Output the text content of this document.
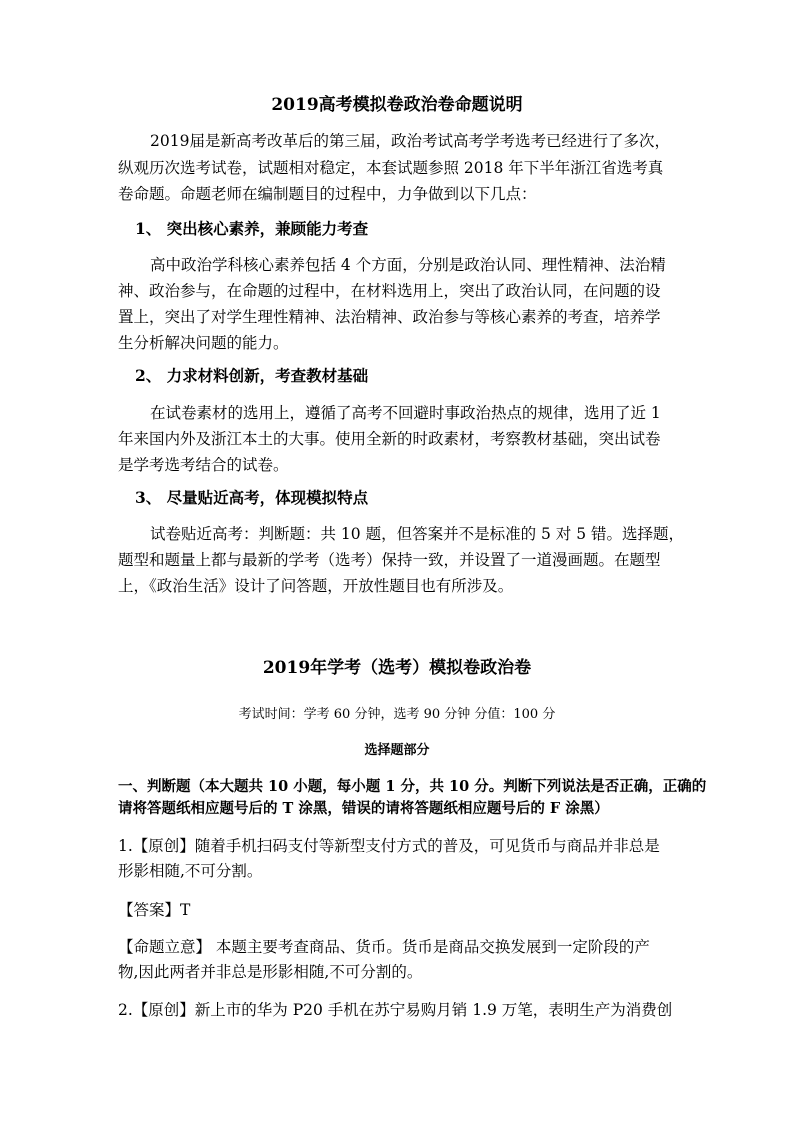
2019高考模拟卷政治卷命题说明
2019届是新高考改革后的第三届，政治考试高考学考选考已经进行了多次，
纵观历次选考试卷，试题相对稳定，本套试题参照 2018 年下半年浙江省选考真
卷命题。命题老师在编制题目的过程中，力争做到以下几点：
1、 突出核心素养，兼顾能力考查
高中政治学科核心素养包括 4 个方面，分别是政治认同、理性精神、法治精
神、政治参与，在命题的过程中，在材料选用上，突出了政治认同，在问题的设
置上，突出了对学生理性精神、法治精神、政治参与等核心素养的考查，培养学
生分析解决问题的能力。
2、 力求材料创新，考查教材基础
在试卷素材的选用上，遵循了高考不回避时事政治热点的规律，选用了近 1
年来国内外及浙江本土的大事。使用全新的时政素材，考察教材基础，突出试卷
是学考选考结合的试卷。
3、 尽量贴近高考，体现模拟特点
试卷贴近高考：判断题：共 10 题，但答案并不是标准的 5 对 5 错。选择题，
题型和题量上都与最新的学考（选考）保持一致，并设置了一道漫画题。在题型
上，《政治生活》设计了问答题，开放性题目也有所涉及。
2019年学考（选考）模拟卷政治卷
考试时间：学考 60 分钟，选考 90 分钟 分值：100 分
选择题部分
一、判断题（本大题共 10 小题，每小题 1 分，共 10 分。判断下列说法是否正确，正确的
请将答题纸相应题号后的 T 涂黑，错误的请将答题纸相应题号后的 F 涂黑）
1.【原创】随着手机扫码支付等新型支付方式的普及，可见货币与商品并非总是
形影相随,不可分割。
【答案】T
【命题立意】 本题主要考查商品、货币。货币是商品交换发展到一定阶段的产
物,因此两者并非总是形影相随,不可分割的。
2.【原创】新上市的华为 P20 手机在苏宁易购月销 1.9 万笔，表明生产为消费创
